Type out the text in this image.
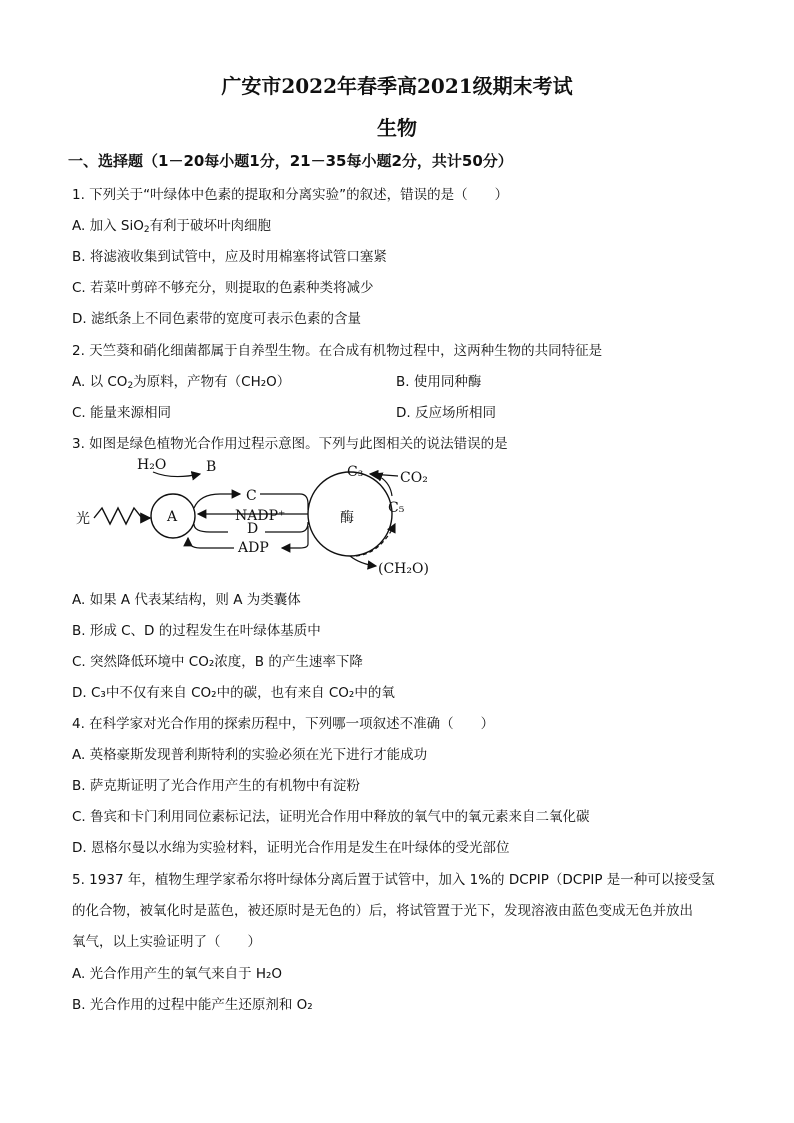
广安市2022年春季高2021级期末考试
生物
一、选择题（1－20每小题1分，21－35每小题2分，共计50分）
1. 下列关于“叶绿体中色素的提取和分离实验”的叙述，错误的是（　　）
A. 加入 SiO$_2$有利于破坏叶肉细胞
B. 将滤液收集到试管中，应及时用棉塞将试管口塞紧
C. 若菜叶剪碎不够充分，则提取的色素种类将减少
D. 滤纸条上不同色素带的宽度可表示色素的含量
2. 天竺葵和硝化细菌都属于自养型生物。在合成有机物过程中，这两种生物的共同特征是
A. 以 $CO_2$为原料，产物有（CH₂O）	B. 使用同种酶
C. 能量来源相同	D. 反应场所相同
3. 如图是绿色植物光合作用过程示意图。下列与此图相关的说法错误的是
光	A
H₂O	B
C
NADP⁺
D
ADP
酶
C₃	CO₂
C₅
(CH₂O)
A. 如果 A 代表某结构，则 A 为类囊体
B. 形成 C、D 的过程发生在叶绿体基质中
C. 突然降低环境中 CO₂浓度，B 的产生速率下降
D. C₃中不仅有来自 CO₂中的碳，也有来自 CO₂中的氧
4. 在科学家对光合作用的探索历程中，下列哪一项叙述不准确（　　）
A. 英格豪斯发现普利斯特利的实验必须在光下进行才能成功
B. 萨克斯证明了光合作用产生的有机物中有淀粉
C. 鲁宾和卡门利用同位素标记法，证明光合作用中释放的氧气中的氧元素来自二氧化碳
D. 恩格尔曼以水绵为实验材料，证明光合作用是发生在叶绿体的受光部位
5. 1937 年，植物生理学家希尔将叶绿体分离后置于试管中，加入 1%的 DCPIP（DCPIP 是一种可以接受氢
的化合物，被氧化时是蓝色，被还原时是无色的）后，将试管置于光下，发现溶液由蓝色变成无色并放出
氧气，以上实验证明了（　　）
A. 光合作用产生的氧气来自于 H₂O
B. 光合作用的过程中能产生还原剂和 O₂
